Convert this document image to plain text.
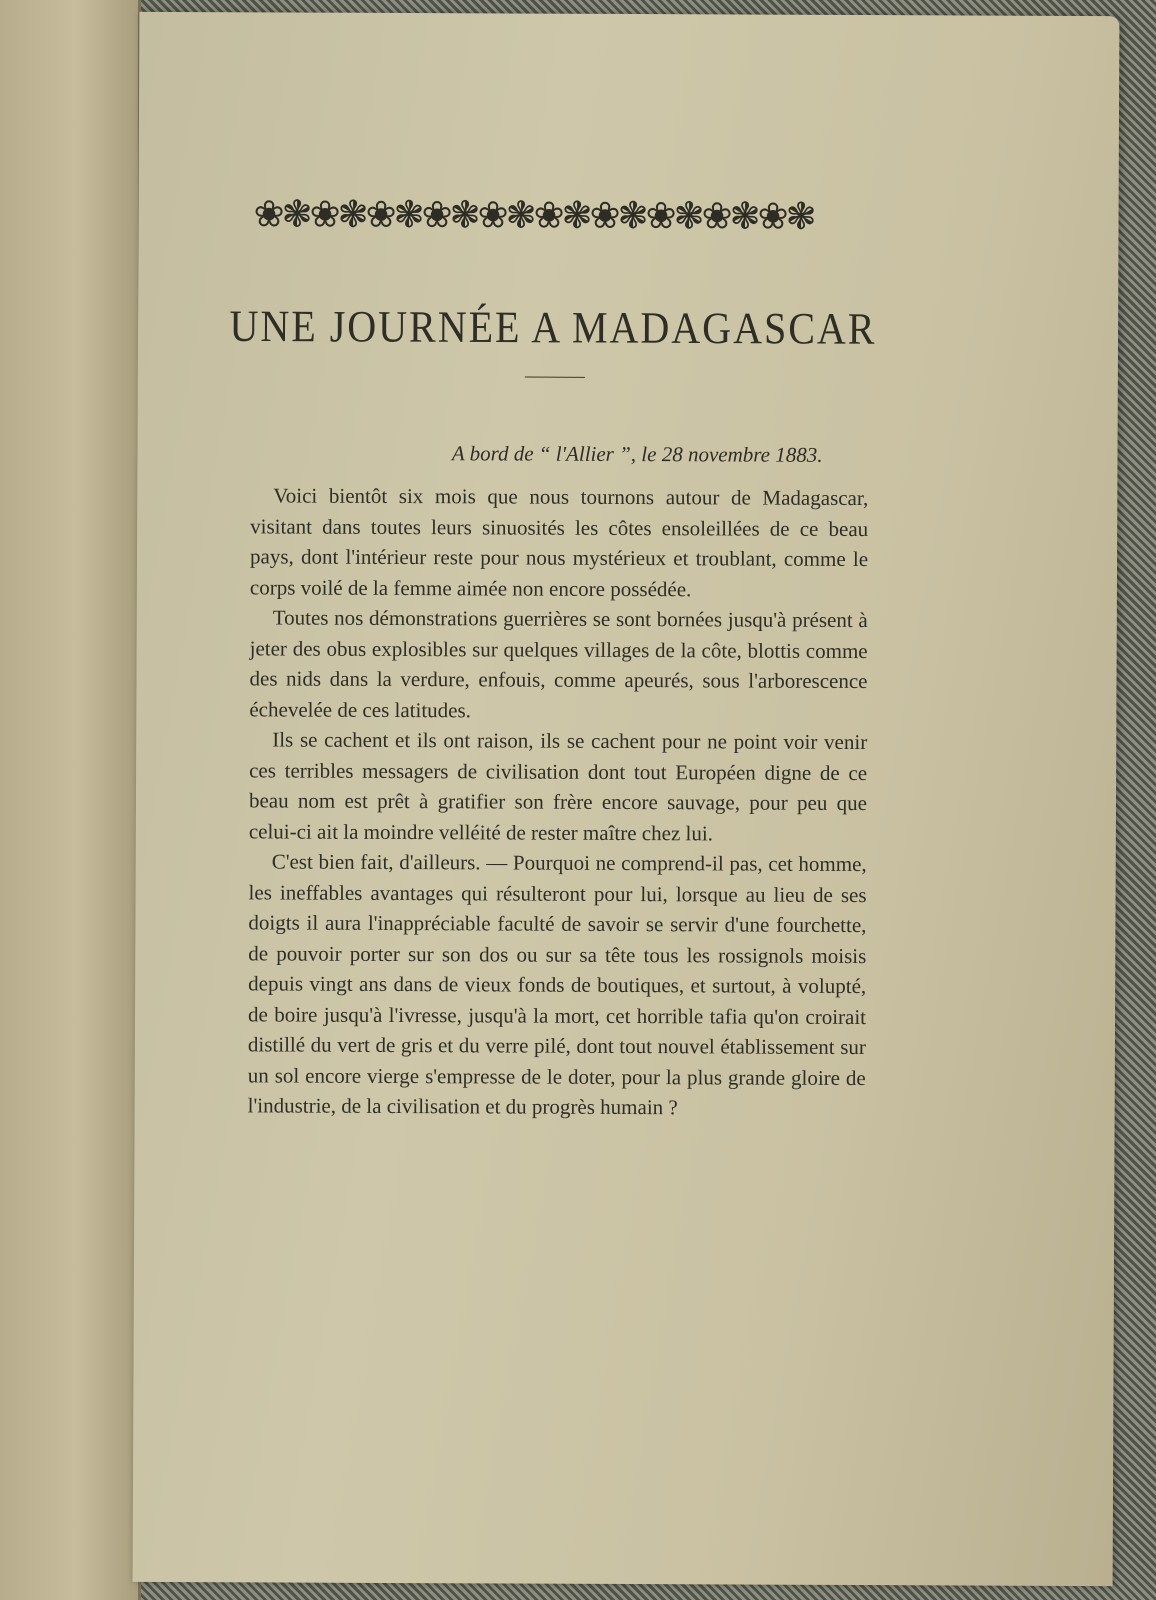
❀❃❀❃❀❃❀❃❀❃❀❃❀❃❀❃❀❃❀❃
UNE JOURNÉE A MADAGASCAR
A bord de “ l'Allier ”, le 28 novembre 1883.

Voici bientôt six mois que nous tournons autour de Madagascar, visitant dans toutes leurs sinuosités les côtes ensoleillées de ce beau pays, dont l'intérieur reste pour nous mystérieux et troublant, comme le corps voilé de la femme aimée non encore possédée.

Toutes nos démonstrations guerrières se sont bornées jusqu'à présent à jeter des obus explosibles sur quelques villages de la côte, blottis comme des nids dans la verdure, enfouis, comme apeurés, sous l'arborescence échevelée de ces latitudes.

Ils se cachent et ils ont raison, ils se cachent pour ne point voir venir ces terribles messagers de civilisation dont tout Européen digne de ce beau nom est prêt à gratifier son frère encore sauvage, pour peu que celui-ci ait la moindre velléité de rester maître chez lui.

C'est bien fait, d'ailleurs. — Pourquoi ne comprend-il pas, cet homme, les ineffables avantages qui résulteront pour lui, lorsque au lieu de ses doigts il aura l'inappréciable faculté de savoir se servir d'une fourchette, de pouvoir porter sur son dos ou sur sa tête tous les rossignols moisis depuis vingt ans dans de vieux fonds de boutiques, et surtout, à volupté, de boire jusqu'à l'ivresse, jusqu'à la mort, cet horrible tafia qu'on croirait distillé du vert de gris et du verre pilé, dont tout nouvel établissement sur un sol encore vierge s'empresse de le doter, pour la plus grande gloire de l'industrie, de la civilisation et du progrès humain ?
